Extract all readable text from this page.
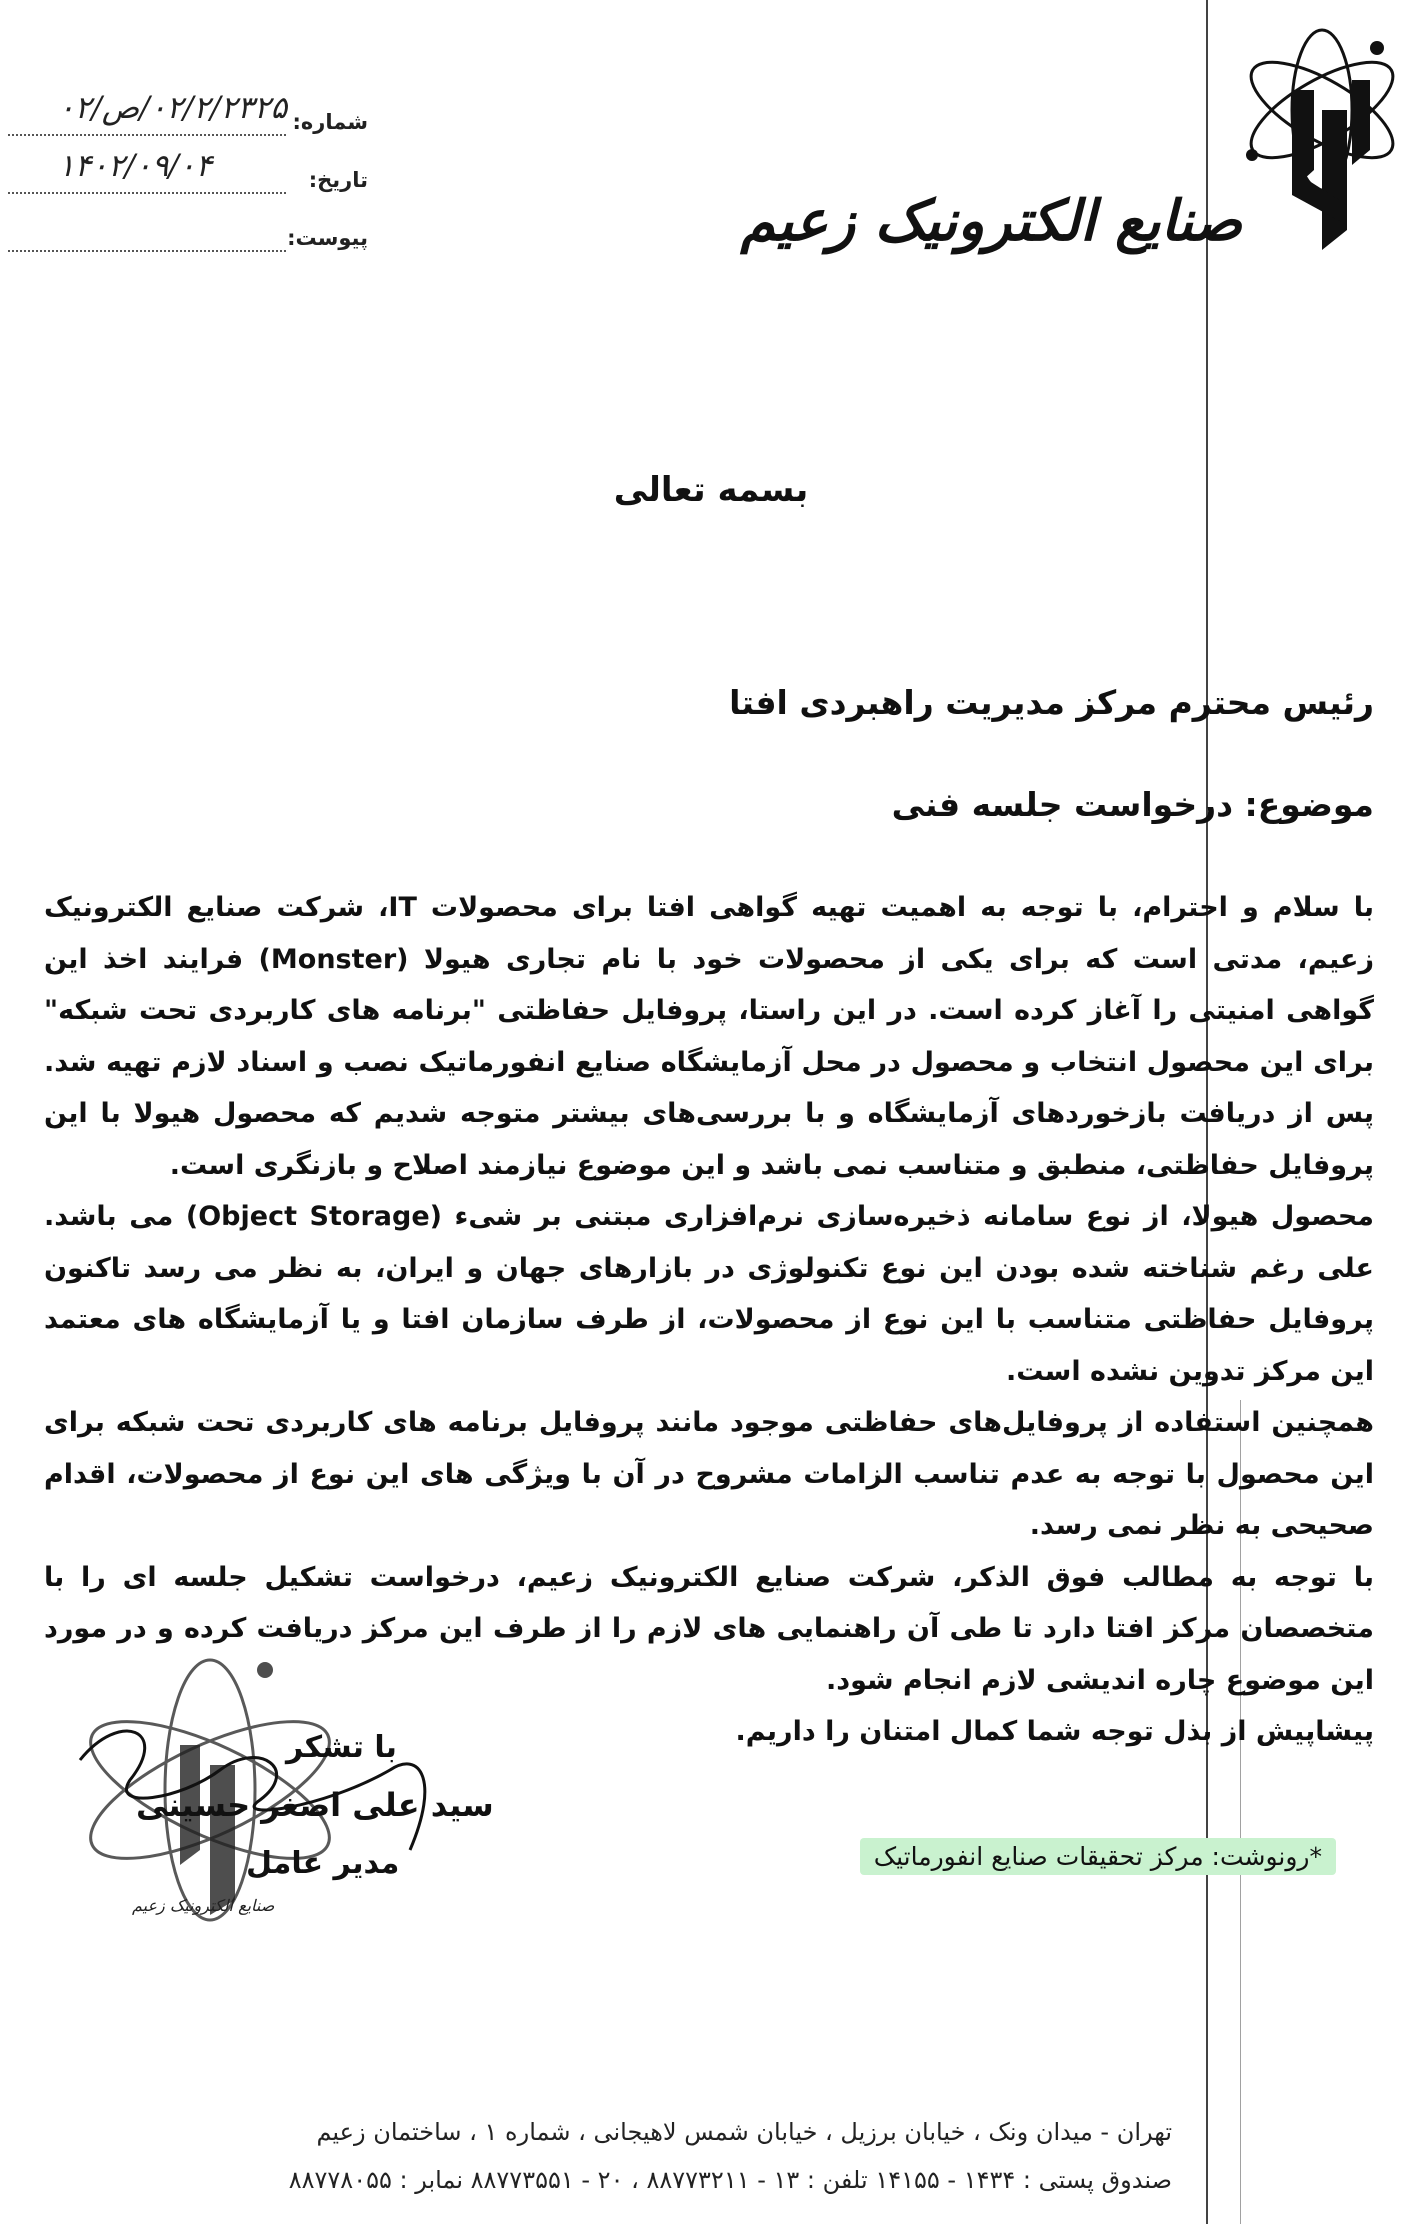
صنایع الکترونیک زعیم
شماره:
۰۲/۲/۲۳۲۵/ص/۰۲
تاریخ:
۱۴۰۲/۰۹/۰۴
پیوست:
بسمه تعالی
رئیس محترم مرکز مدیریت راهبردی افتا
موضوع: درخواست جلسه فنی

با سلام و احترام، با توجه به اهمیت تهیه گواهی افتا برای محصولات IT، شرکت صنایع الکترونیک زعیم، مدتی است که برای یکی از محصولات خود با نام تجاری هیولا (Monster) فرایند اخذ این گواهی امنیتی را آغاز کرده است. در این راستا، پروفایل حفاظتی "برنامه های کاربردی تحت شبکه" برای این محصول انتخاب و محصول در محل آزمایشگاه صنایع انفورماتیک نصب و اسناد لازم تهیه شد. پس از دریافت بازخوردهای آزمایشگاه و با بررسی‌های بیشتر متوجه شدیم که محصول هیولا با این پروفایل حفاظتی، منطبق و متناسب نمی باشد و این موضوع نیازمند اصلاح و بازنگری است.

محصول هیولا، از نوع سامانه ذخیره‌سازی نرم‌افزاری مبتنی بر شیء (Object Storage) می باشد. علی رغم شناخته شده بودن این نوع تکنولوژی در بازارهای جهان و ایران، به نظر می رسد تاکنون پروفایل حفاظتی متناسب با این نوع از محصولات، از طرف سازمان افتا و یا آزمایشگاه های معتمد این مرکز تدوین نشده است.

همچنین استفاده از پروفایل‌های حفاظتی موجود مانند پروفایل برنامه های کاربردی تحت شبکه برای این محصول با توجه به عدم تناسب الزامات مشروح در آن با ویژگی های این نوع از محصولات، اقدام صحیحی به نظر نمی رسد.

با توجه به مطالب فوق الذکر، شرکت صنایع الکترونیک زعیم، درخواست تشکیل جلسه ای را با متخصصان مرکز افتا دارد تا طی آن راهنمایی های لازم را از طرف این مرکز دریافت کرده و در مورد این موضوع چاره اندیشی لازم انجام شود.

پیشاپیش از بذل توجه شما کمال امتنان را داریم.

با تشکر
سید علی اصغر حسینی
مدیر عامل
صنایع الکترونیک زعیم
*رونوشت: مرکز تحقیقات صنایع انفورماتیک
تهران - میدان ونک ، خیابان برزیل ، خیابان شمس لاهیجانی ، شماره ۱ ، ساختمان زعیم
صندوق پستی : ۱۴۳۴ - ۱۴۱۵۵ تلفن : ۱۳ - ۸۸۷۷۳۲۱۱ ، ۲۰ - ۸۸۷۷۳۵۵۱ نمابر : ۸۸۷۷۸۰۵۵
